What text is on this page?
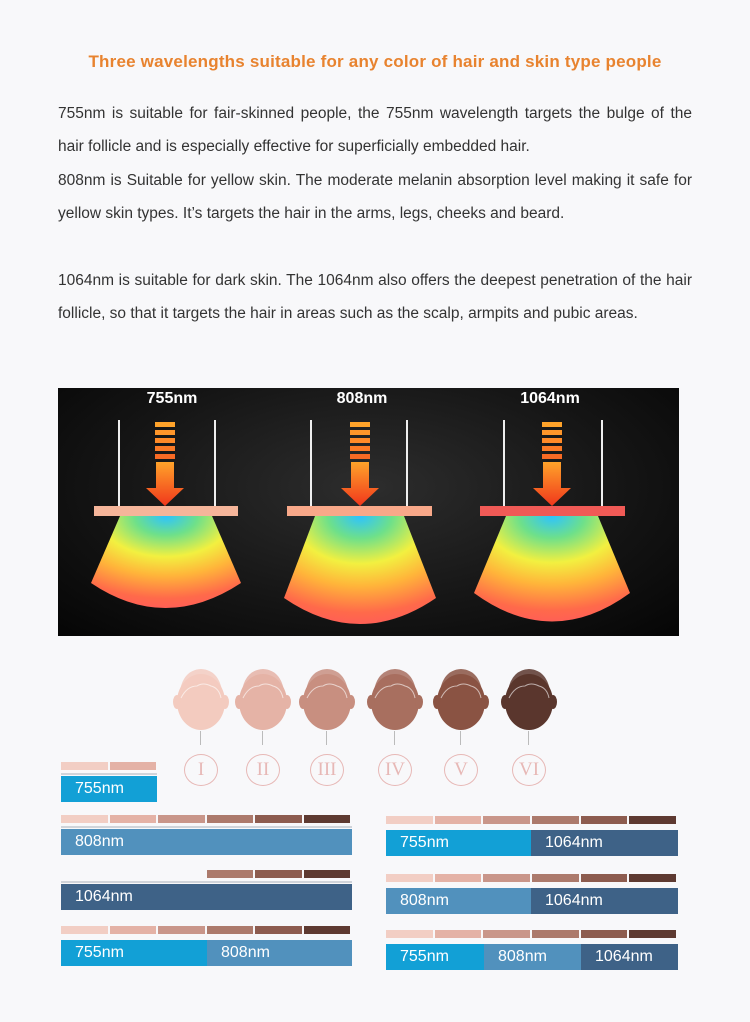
Three wavelengths suitable for any color of hair and skin type people
755nm is suitable for fair-skinned people, the 755nm wavelength targets the bulge of the hair follicle and is especially effective for superficially embedded hair.
808nm is Suitable for yellow skin. The moderate melanin absorption level making it safe for yellow skin types. It’s targets the hair in the arms, legs, cheeks and beard.
1064nm is suitable for dark skin. The 1064nm also offers the deepest penetration of the hair follicle, so that it targets the hair in areas such as the scalp, armpits and pubic areas.
755nm	808nm	1064nm
I	II	III	IV	V	VI
755nm
808nm
1064nm
755nm	808nm
755nm	1064nm
808nm	1064nm
755nm	808nm	1064nm
